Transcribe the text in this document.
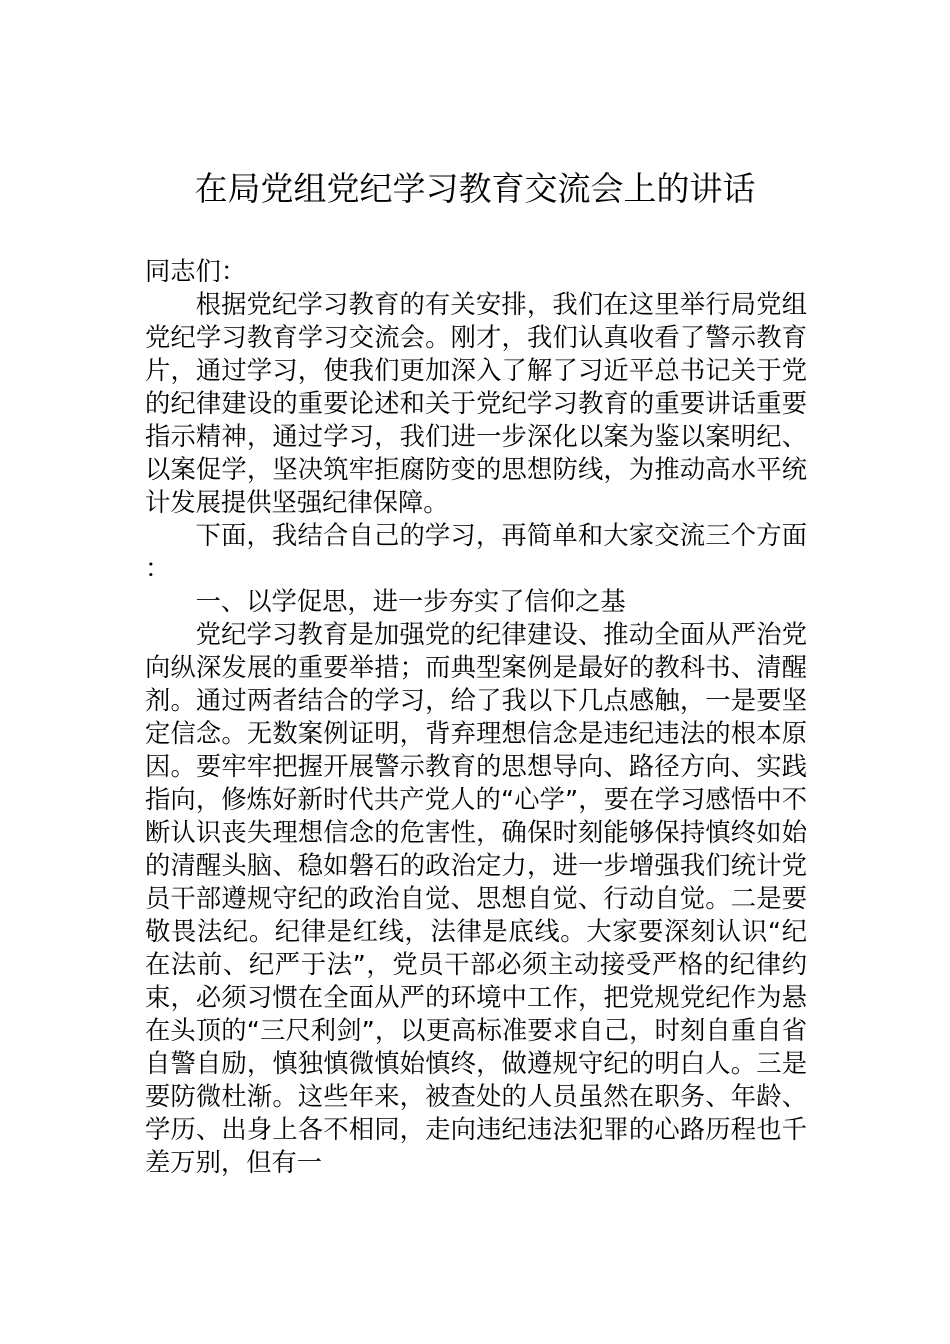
在局党组党纪学习教育交流会上的讲话

同志们：

根据党纪学习教育的有关安排，我们在这里举行局党组党纪学习教育学习交流会。刚才，我们认真收看了警示教育片，通过学习，使我们更加深入了解了习近平总书记关于党的纪律建设的重要论述和关于党纪学习教育的重要讲话重要指示精神，通过学习，我们进一步深化以案为鉴以案明纪、以案促学，坚决筑牢拒腐防变的思想防线，为推动高水平统计发展提供坚强纪律保障。

下面，我结合自己的学习，再简单和大家交流三个方面：

一、以学促思，进一步夯实了信仰之基

党纪学习教育是加强党的纪律建设、推动全面从严治党向纵深发展的重要举措；而典型案例是最好的教科书、清醒剂。通过两者结合的学习，给了我以下几点感触，一是要坚定信念。无数案例证明，背弃理想信念是违纪违法的根本原因。要牢牢把握开展警示教育的思想导向、路径方向、实践指向，修炼好新时代共产党人的“心学”，要在学习感悟中不断认识丧失理想信念的危害性，确保时刻能够保持慎终如始的清醒头脑、稳如磐石的政治定力，进一步增强我们统计党员干部遵规守纪的政治自觉、思想自觉、行动自觉。二是要敬畏法纪。纪律是红线，法律是底线。大家要深刻认识“纪在法前、纪严于法”，党员干部必须主动接受严格的纪律约束，必须习惯在全面从严的环境中工作，把党规党纪作为悬在头顶的“三尺利剑”，以更高标准要求自己，时刻自重自省自警自励，慎独慎微慎始慎终，做遵规守纪的明白人。三是要防微杜渐。这些年来，被查处的人员虽然在职务、年龄、学历、出身上各不相同，走向违纪违法犯罪的心路历程也千差万别，但有一
